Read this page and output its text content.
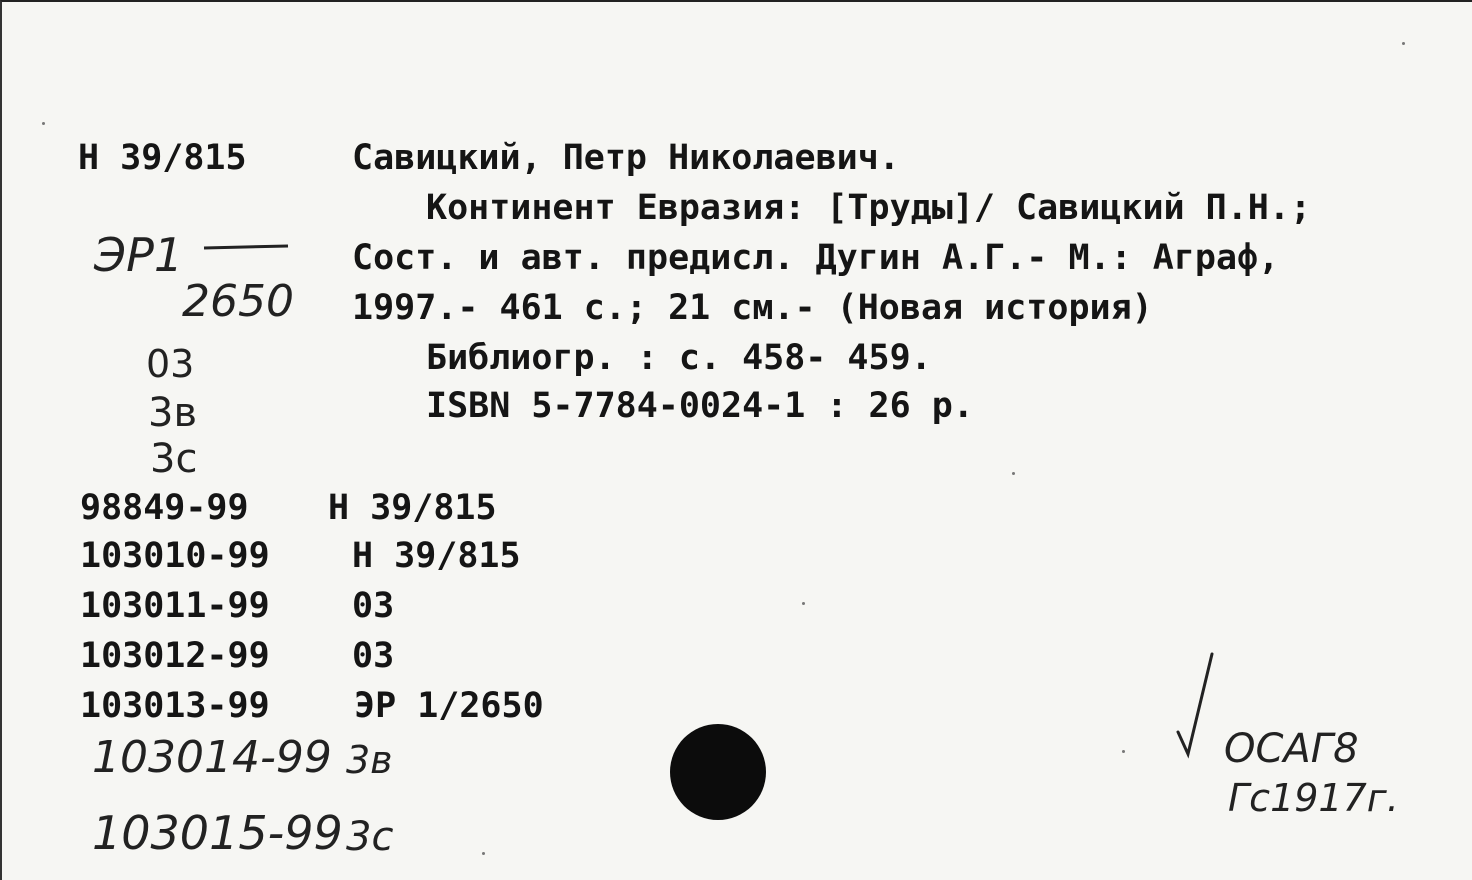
Н 39/815	Савицкий, Петр Николаевич.
Континент Евразия: [Труды]/ Савицкий П.Н.;
Сост. и авт. предисл. Дугин А.Г.- М.: Аграф,
1997.- 461 с.; 21 см.- (Новая история)
Библиогр. : с. 458- 459.
ISBN 5-7784-0024-1 : 26 р.
ЭР1
2650
03
3в
3с
98849-99 Н 39/815
103010-99 Н 39/815
103011-99 03
103012-99 03
103013-99 ЭР 1/2650
103014-99 3в
103015-99 3с
ОСАГ8
Гс1917г.
